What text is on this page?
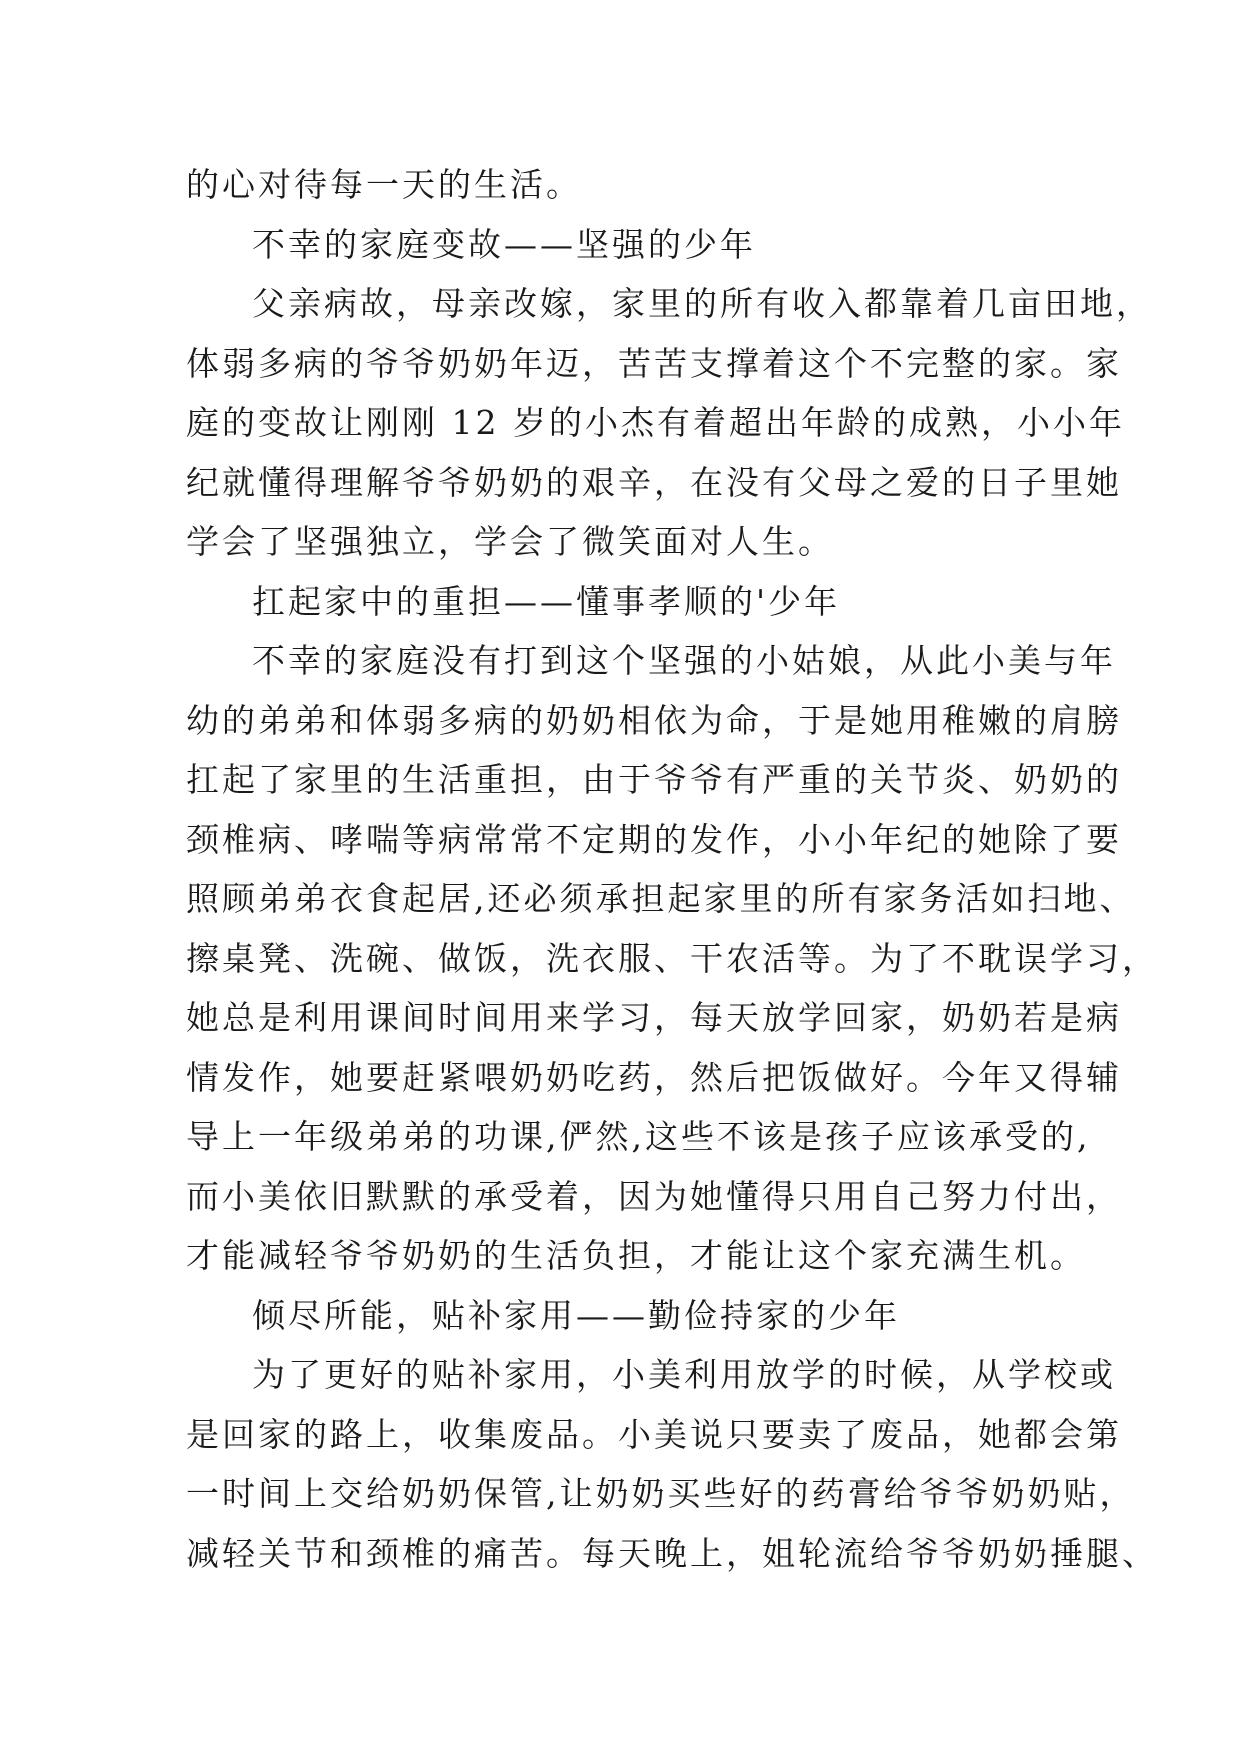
的心对待每一天的生活。
不幸的家庭变故——坚强的少年
父亲病故，母亲改嫁，家里的所有收入都靠着几亩田地，
体弱多病的爷爷奶奶年迈，苦苦支撑着这个不完整的家。家
庭的变故让刚刚 12 岁的小杰有着超出年龄的成熟，小小年
纪就懂得理解爷爷奶奶的艰辛，在没有父母之爱的日子里她
学会了坚强独立，学会了微笑面对人生。
扛起家中的重担——懂事孝顺的'少年
不幸的家庭没有打到这个坚强的小姑娘，从此小美与年
幼的弟弟和体弱多病的奶奶相依为命，于是她用稚嫩的肩膀
扛起了家里的生活重担，由于爷爷有严重的关节炎、奶奶的
颈椎病、哮喘等病常常不定期的发作，小小年纪的她除了要
照顾弟弟衣食起居,还必须承担起家里的所有家务活如扫地、
擦桌凳、洗碗、做饭，洗衣服、干农活等。为了不耽误学习，
她总是利用课间时间用来学习，每天放学回家，奶奶若是病
情发作，她要赶紧喂奶奶吃药，然后把饭做好。今年又得辅
导上一年级弟弟的功课,俨然,这些不该是孩子应该承受的,
而小美依旧默默的承受着，因为她懂得只用自己努力付出，
才能减轻爷爷奶奶的生活负担，才能让这个家充满生机。
倾尽所能，贴补家用——勤俭持家的少年
为了更好的贴补家用，小美利用放学的时候，从学校或
是回家的路上，收集废品。小美说只要卖了废品，她都会第
一时间上交给奶奶保管,让奶奶买些好的药膏给爷爷奶奶贴，
减轻关节和颈椎的痛苦。每天晚上，姐轮流给爷爷奶奶捶腿、
